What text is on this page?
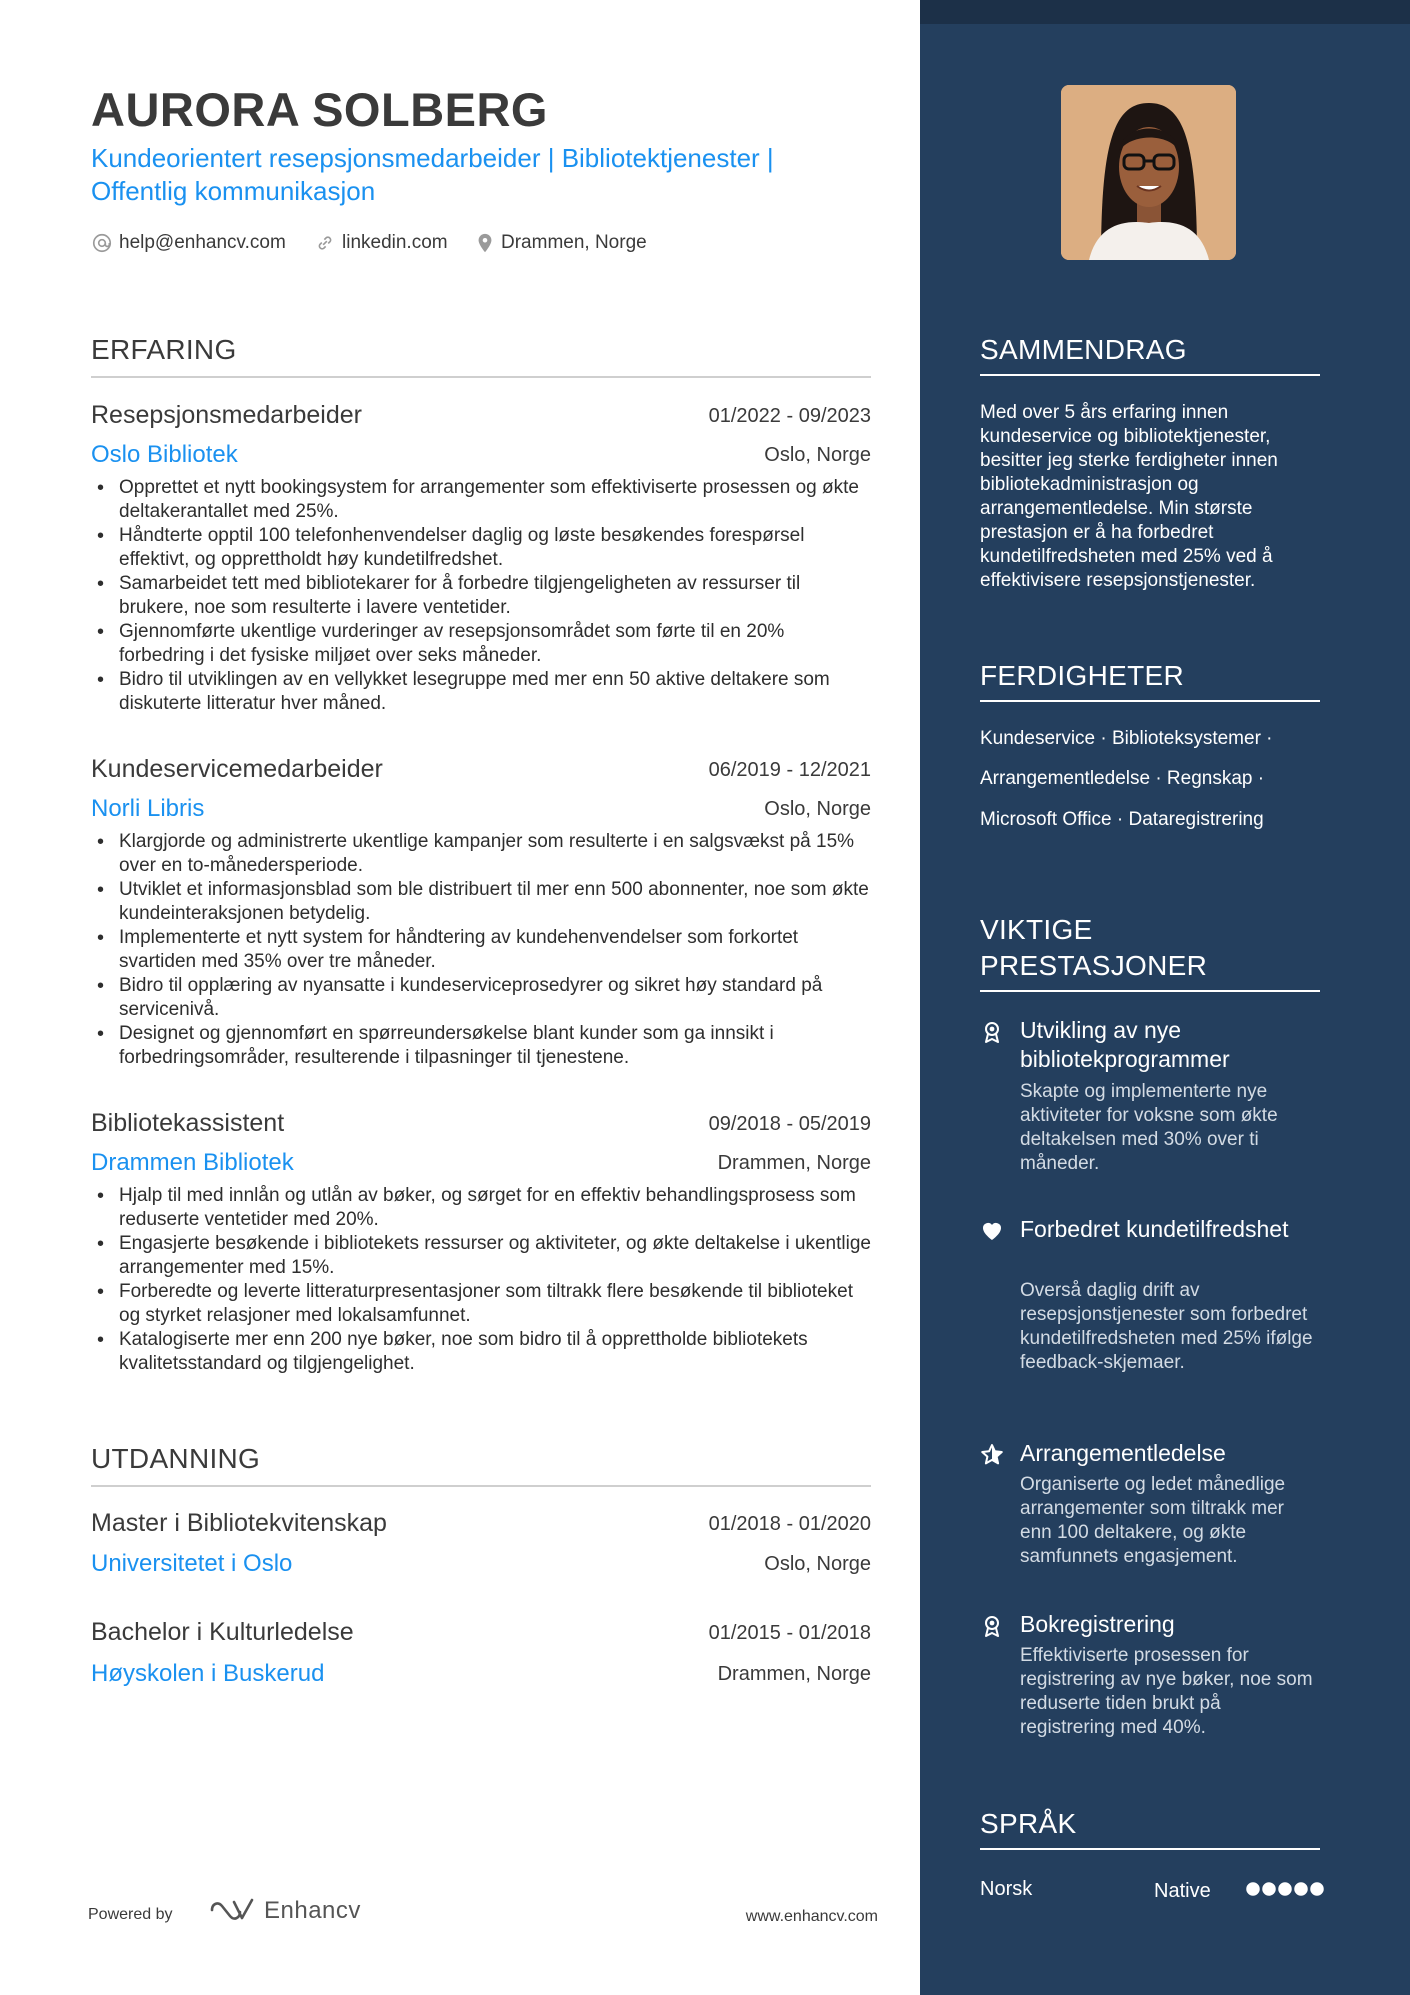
AURORA SOLBERG
Kundeorientert resepsjonsmedarbeider | Bibliotektjenester | Offentlig kommunikasjon
help@enhancv.com	linkedin.com	Drammen, Norge
ERFARING
Resepsjonsmedarbeider	01/2022 - 09/2023
Oslo Bibliotek	Oslo, Norge
• Opprettet et nytt bookingsystem for arrangementer som effektiviserte prosessen og økte deltakerantallet med 25%.
• Håndterte opptil 100 telefonhenvendelser daglig og løste besøkendes forespørsel effektivt, og opprettholdt høy kundetilfredshet.
• Samarbeidet tett med bibliotekarer for å forbedre tilgjengeligheten av ressurser til brukere, noe som resulterte i lavere ventetider.
• Gjennomførte ukentlige vurderinger av resepsjonsområdet som førte til en 20% forbedring i det fysiske miljøet over seks måneder.
• Bidro til utviklingen av en vellykket lesegruppe med mer enn 50 aktive deltakere som diskuterte litteratur hver måned.
Kundeservicemedarbeider	06/2019 - 12/2021
Norli Libris	Oslo, Norge
• Klargjorde og administrerte ukentlige kampanjer som resulterte i en salgsvækst på 15% over en to-månedersperiode.
• Utviklet et informasjonsblad som ble distribuert til mer enn 500 abonnenter, noe som økte kundeinteraksjonen betydelig.
• Implementerte et nytt system for håndtering av kundehenvendelser som forkortet svartiden med 35% over tre måneder.
• Bidro til opplæring av nyansatte i kundeserviceprosedyrer og sikret høy standard på servicenivå.
• Designet og gjennomført en spørreundersøkelse blant kunder som ga innsikt i forbedringsområder, resulterende i tilpasninger til tjenestene.
Bibliotekassistent	09/2018 - 05/2019
Drammen Bibliotek	Drammen, Norge
• Hjalp til med innlån og utlån av bøker, og sørget for en effektiv behandlingsprosess som reduserte ventetider med 20%.
• Engasjerte besøkende i bibliotekets ressurser og aktiviteter, og økte deltakelse i ukentlige arrangementer med 15%.
• Forberedte og leverte litteraturpresentasjoner som tiltrakk flere besøkende til biblioteket og styrket relasjoner med lokalsamfunnet.
• Katalogiserte mer enn 200 nye bøker, noe som bidro til å opprettholde bibliotekets kvalitetsstandard og tilgjengelighet.
UTDANNING
Master i Bibliotekvitenskap	01/2018 - 01/2020
Universitetet i Oslo	Oslo, Norge
Bachelor i Kulturledelse	01/2015 - 01/2018
Høyskolen i Buskerud	Drammen, Norge
Powered by	Enhancv	www.enhancv.com
SAMMENDRAG
Med over 5 års erfaring innen kundeservice og bibliotektjenester, besitter jeg sterke ferdigheter innen bibliotekadministrasjon og arrangementledelse. Min største prestasjon er å ha forbedret kundetilfredsheten med 25% ved å effektivisere resepsjonstjenester.
FERDIGHETER
Kundeservice · Biblioteksystemer ·
Arrangementledelse · Regnskap ·
Microsoft Office · Dataregistrering
VIKTIGE PRESTASJONER
Utvikling av nye bibliotekprogrammer
Skapte og implementerte nye aktiviteter for voksne som økte deltakelsen med 30% over ti måneder.
Forbedret kundetilfredshet
Overså daglig drift av resepsjonstjenester som forbedret kundetilfredsheten med 25% ifølge feedback-skjemaer.
Arrangementledelse
Organiserte og ledet månedlige arrangementer som tiltrakk mer enn 100 deltakere, og økte samfunnets engasjement.
Bokregistrering
Effektiviserte prosessen for registrering av nye bøker, noe som reduserte tiden brukt på registrering med 40%.
SPRÅK
Norsk	Native
